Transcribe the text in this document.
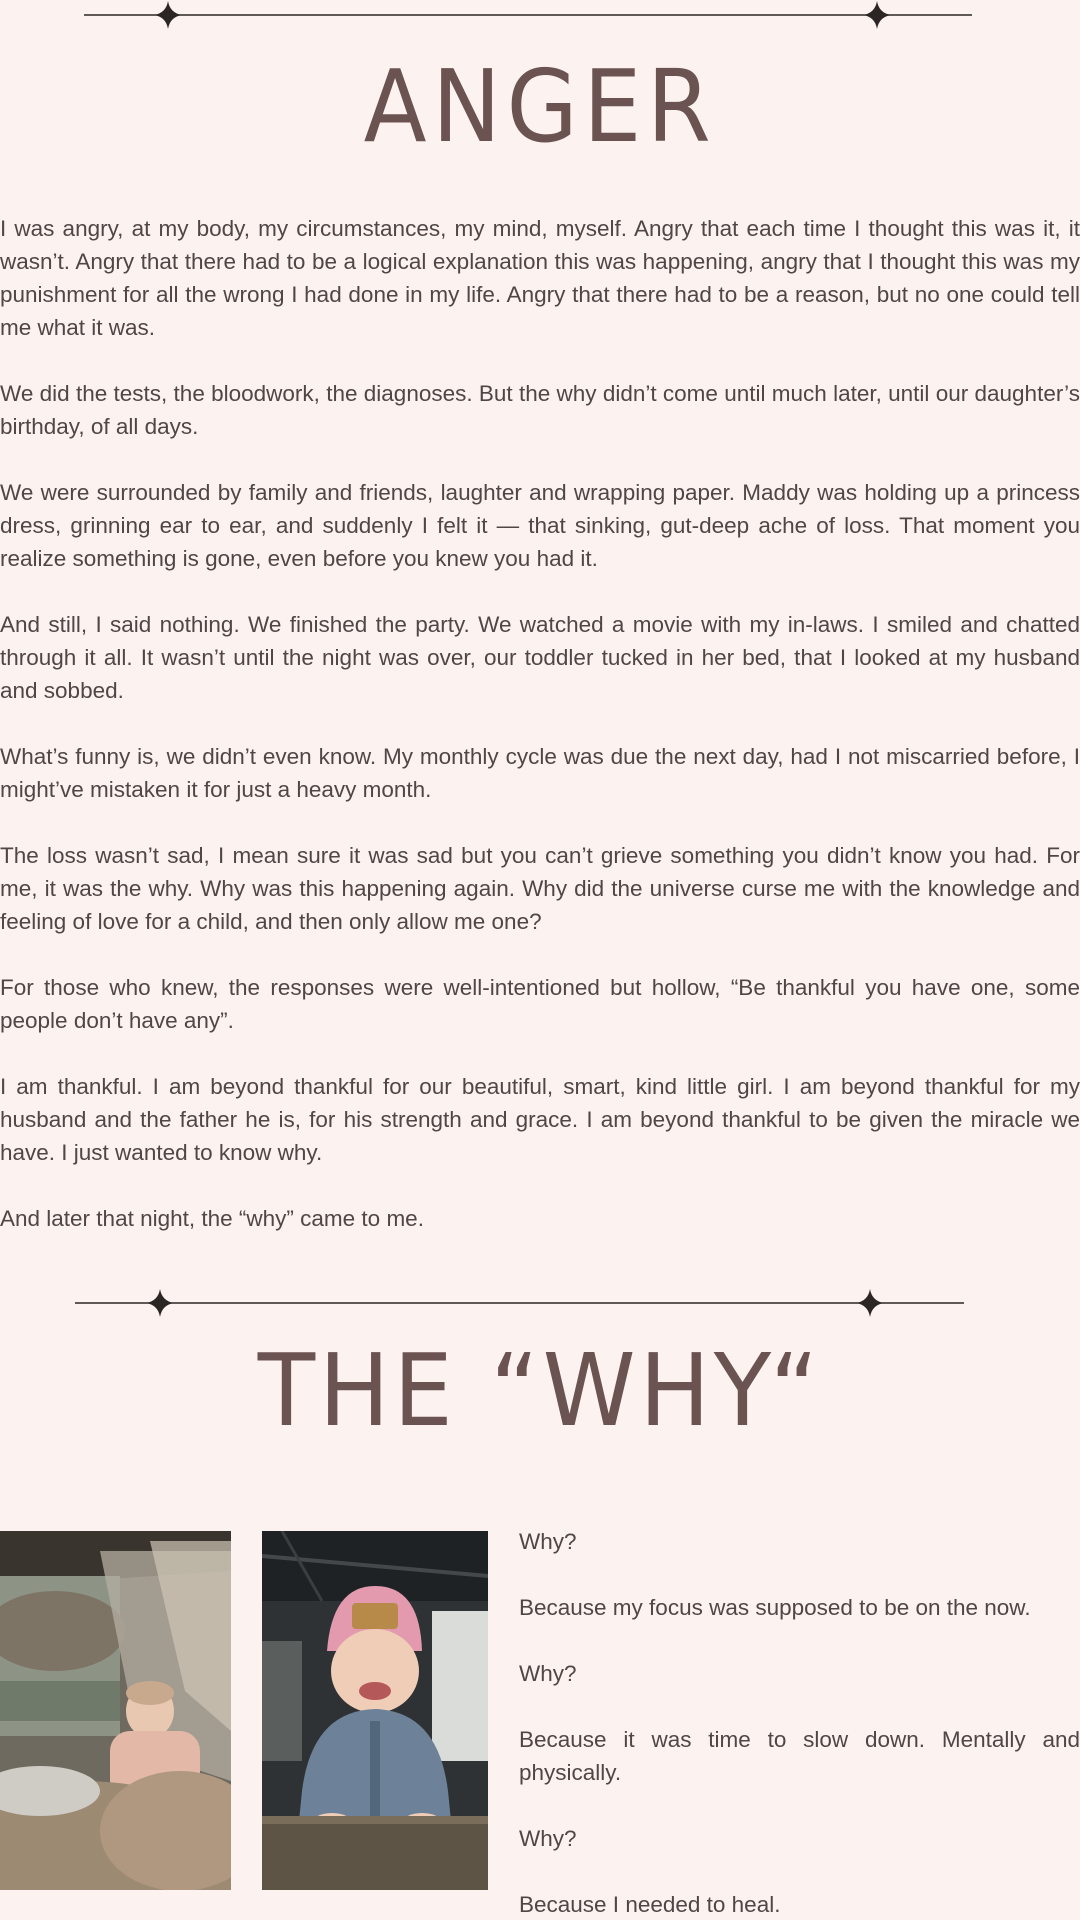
ANGER

I was angry, at my body, my circumstances, my mind, myself. Angry that each time I thought this was it, it wasn’t. Angry that there had to be a logical explanation this was happening, angry that I thought this was my punishment for all the wrong I had done in my life. Angry that there had to be a reason, but no one could tell me what it was.

We did the tests, the bloodwork, the diagnoses. But the why didn’t come until much later, until our daughter’s birthday, of all days.

We were surrounded by family and friends, laughter and wrapping paper. Maddy was holding up a princess dress, grinning ear to ear, and suddenly I felt it — that sinking, gut-deep ache of loss. That moment you realize something is gone, even before you knew you had it.

And still, I said nothing. We finished the party. We watched a movie with my in-laws. I smiled and chatted through it all. It wasn’t until the night was over, our toddler tucked in her bed, that I looked at my husband and sobbed.

What’s funny is, we didn’t even know. My monthly cycle was due the next day, had I not miscarried before, I might’ve mistaken it for just a heavy month.

The loss wasn’t sad, I mean sure it was sad but you can’t grieve something you didn’t know you had. For me, it was the why. Why was this happening again. Why did the universe curse me with the knowledge and feeling of love for a child, and then only allow me one?

For those who knew, the responses were well-intentioned but hollow, “Be thankful you have one, some people don’t have any”.

I am thankful. I am beyond thankful for our beautiful, smart, kind little girl. I am beyond thankful for my husband and the father he is, for his strength and grace. I am beyond thankful to be given the miracle we have. I just wanted to know why.

And later that night, the “why” came to me.

THE “WHY“

Why?

Because my focus was supposed to be on the now.

Why?

Because it was time to slow down. Mentally and physically.

Why?

Because I needed to heal.
